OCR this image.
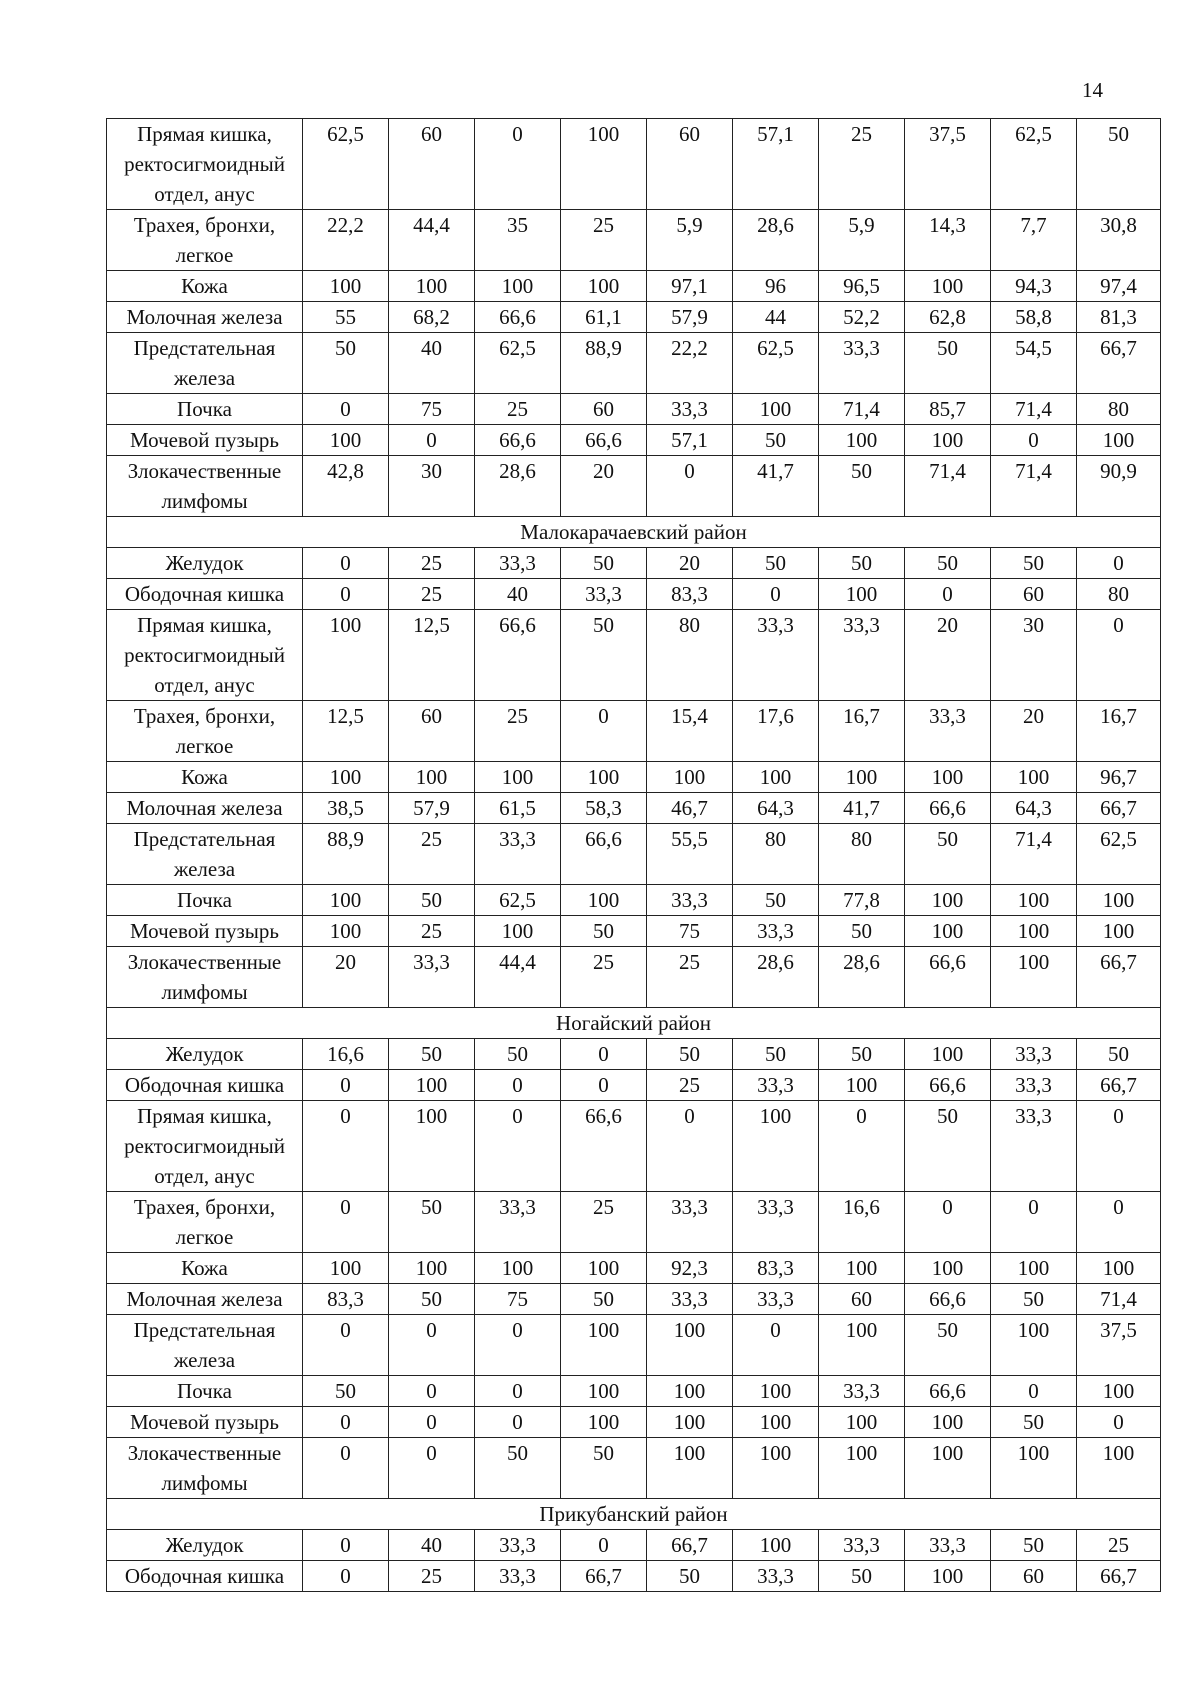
14
Прямая кишка,
ректосигмоидный
отдел, анус	62,5	60	0	100	60	57,1	25	37,5	62,5	50
Трахея, бронхи,
легкое	22,2	44,4	35	25	5,9	28,6	5,9	14,3	7,7	30,8
Кожа	100	100	100	100	97,1	96	96,5	100	94,3	97,4
Молочная железа	55	68,2	66,6	61,1	57,9	44	52,2	62,8	58,8	81,3
Предстательная
железа	50	40	62,5	88,9	22,2	62,5	33,3	50	54,5	66,7
Почка	0	75	25	60	33,3	100	71,4	85,7	71,4	80
Мочевой пузырь	100	0	66,6	66,6	57,1	50	100	100	0	100
Злокачественные
лимфомы	42,8	30	28,6	20	0	41,7	50	71,4	71,4	90,9
Малокарачаевский район										
Желудок	0	25	33,3	50	20	50	50	50	50	0
Ободочная кишка	0	25	40	33,3	83,3	0	100	0	60	80
Прямая кишка,
ректосигмоидный
отдел, анус	100	12,5	66,6	50	80	33,3	33,3	20	30	0
Трахея, бронхи,
легкое	12,5	60	25	0	15,4	17,6	16,7	33,3	20	16,7
Кожа	100	100	100	100	100	100	100	100	100	96,7
Молочная железа	38,5	57,9	61,5	58,3	46,7	64,3	41,7	66,6	64,3	66,7
Предстательная
железа	88,9	25	33,3	66,6	55,5	80	80	50	71,4	62,5
Почка	100	50	62,5	100	33,3	50	77,8	100	100	100
Мочевой пузырь	100	25	100	50	75	33,3	50	100	100	100
Злокачественные
лимфомы	20	33,3	44,4	25	25	28,6	28,6	66,6	100	66,7
Ногайский район										
Желудок	16,6	50	50	0	50	50	50	100	33,3	50
Ободочная кишка	0	100	0	0	25	33,3	100	66,6	33,3	66,7
Прямая кишка,
ректосигмоидный
отдел, анус	0	100	0	66,6	0	100	0	50	33,3	0
Трахея, бронхи,
легкое	0	50	33,3	25	33,3	33,3	16,6	0	0	0
Кожа	100	100	100	100	92,3	83,3	100	100	100	100
Молочная железа	83,3	50	75	50	33,3	33,3	60	66,6	50	71,4
Предстательная
железа	0	0	0	100	100	0	100	50	100	37,5
Почка	50	0	0	100	100	100	33,3	66,6	0	100
Мочевой пузырь	0	0	0	100	100	100	100	100	50	0
Злокачественные
лимфомы	0	0	50	50	100	100	100	100	100	100
Прикубанский район										
Желудок	0	40	33,3	0	66,7	100	33,3	33,3	50	25
Ободочная кишка	0	25	33,3	66,7	50	33,3	50	100	60	66,7
